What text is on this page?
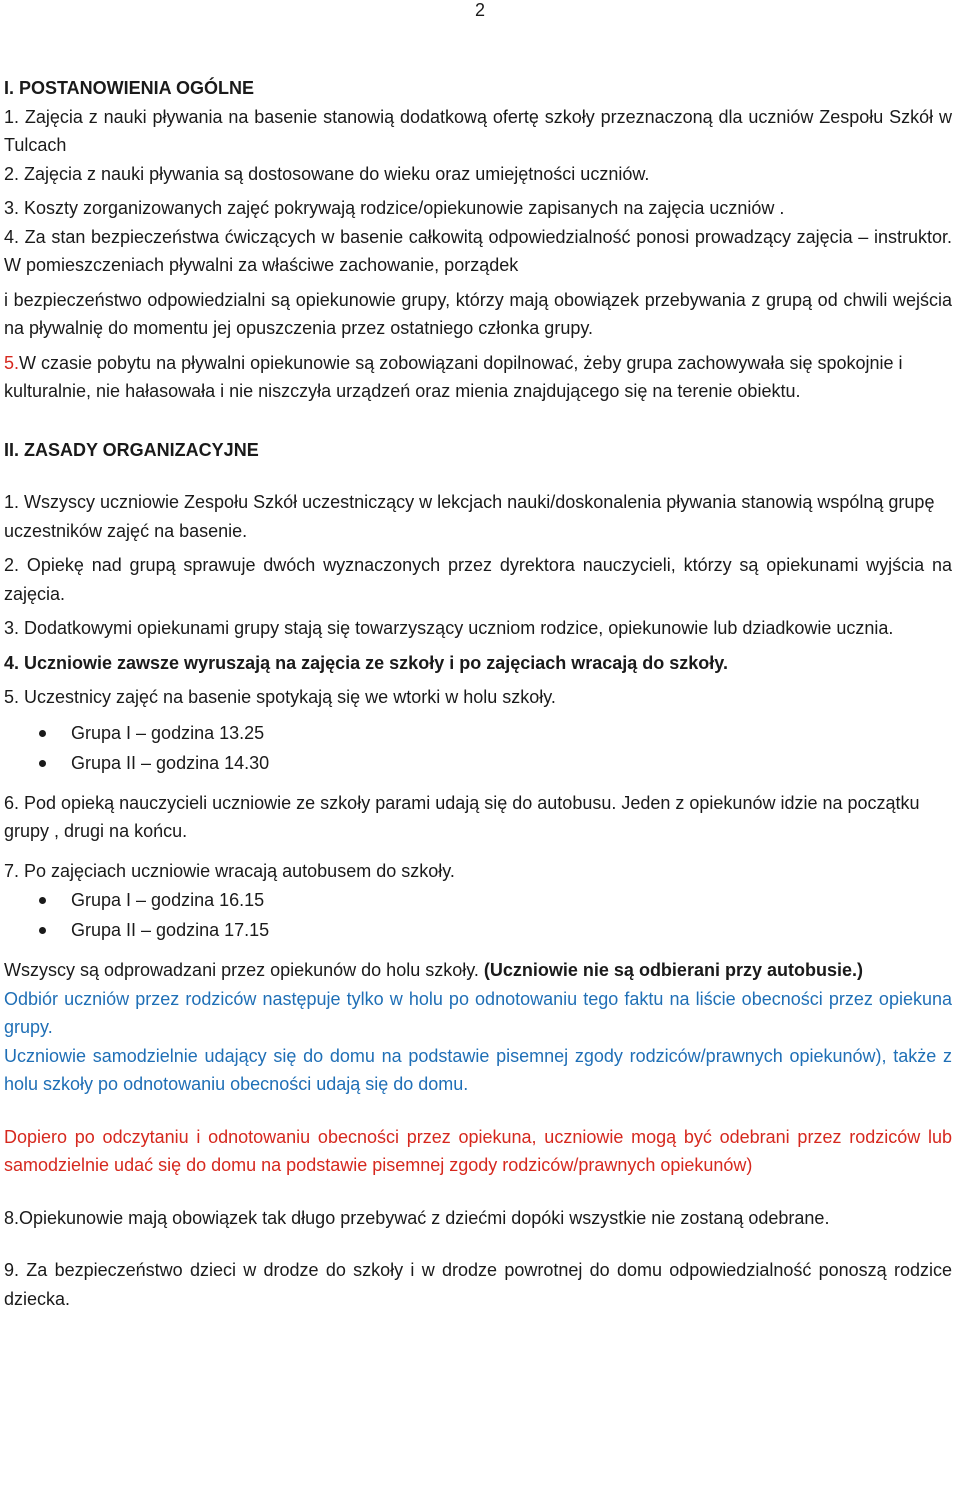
2

I. POSTANOWIENIA OGÓLNE

1. Zajęcia z nauki pływania na basenie stanowią dodatkową ofertę szkoły przeznaczoną dla uczniów Zespołu Szkół w Tulcach

2. Zajęcia z nauki pływania są dostosowane do wieku oraz umiejętności uczniów.

3. Koszty zorganizowanych zajęć pokrywają rodzice/opiekunowie zapisanych na zajęcia uczniów .

4. Za stan bezpieczeństwa ćwiczących w basenie całkowitą odpowiedzialność ponosi prowadzący zajęcia – instruktor. W pomieszczeniach pływalni za właściwe zachowanie, porządek

i bezpieczeństwo odpowiedzialni są opiekunowie grupy, którzy mają obowiązek przebywania z grupą od chwili wejścia na pływalnię do momentu jej opuszczenia przez ostatniego członka grupy.

5.W czasie pobytu na pływalni opiekunowie są zobowiązani dopilnować, żeby grupa zachowywała się spokojnie i kulturalnie, nie hałasowała i nie niszczyła urządzeń oraz mienia znajdującego się na terenie obiektu.

II. ZASADY ORGANIZACYJNE

1. Wszyscy uczniowie Zespołu Szkół uczestniczący w lekcjach nauki/doskonalenia pływania stanowią wspólną grupę uczestników zajęć na basenie.

2. Opiekę nad grupą sprawuje dwóch wyznaczonych przez dyrektora nauczycieli, którzy są opiekunami wyjścia na zajęcia.

3. Dodatkowymi opiekunami grupy stają się towarzyszący uczniom rodzice, opiekunowie lub dziadkowie ucznia.

4. Uczniowie zawsze wyruszają na zajęcia ze szkoły i po zajęciach wracają do szkoły.

5. Uczestnicy zajęć na basenie spotykają się we wtorki w holu szkoły.

Grupa I – godzina 13.25
Grupa II – godzina 14.30

6. Pod opieką nauczycieli uczniowie ze szkoły parami udają się do autobusu. Jeden z opiekunów idzie na początku grupy , drugi na końcu.

7. Po zajęciach uczniowie wracają autobusem do szkoły.

Grupa I – godzina 16.15
Grupa II – godzina 17.15

Wszyscy są odprowadzani przez opiekunów do holu szkoły. (Uczniowie nie są odbierani przy autobusie.)

Odbiór uczniów przez rodziców następuje tylko w holu po odnotowaniu tego faktu na liście obecności przez opiekuna grupy.

Uczniowie samodzielnie udający się do domu na podstawie pisemnej zgody rodziców/prawnych opiekunów), także z holu szkoły po odnotowaniu obecności udają się do domu.

Dopiero po odczytaniu i odnotowaniu obecności przez opiekuna, uczniowie mogą być odebrani przez rodziców lub samodzielnie udać się do domu na podstawie pisemnej zgody rodziców/prawnych opiekunów)

8.Opiekunowie mają obowiązek tak długo przebywać z dziećmi dopóki wszystkie nie zostaną odebrane.

9. Za bezpieczeństwo dzieci w drodze do szkoły i w drodze powrotnej do domu odpowiedzialność ponoszą rodzice dziecka.
